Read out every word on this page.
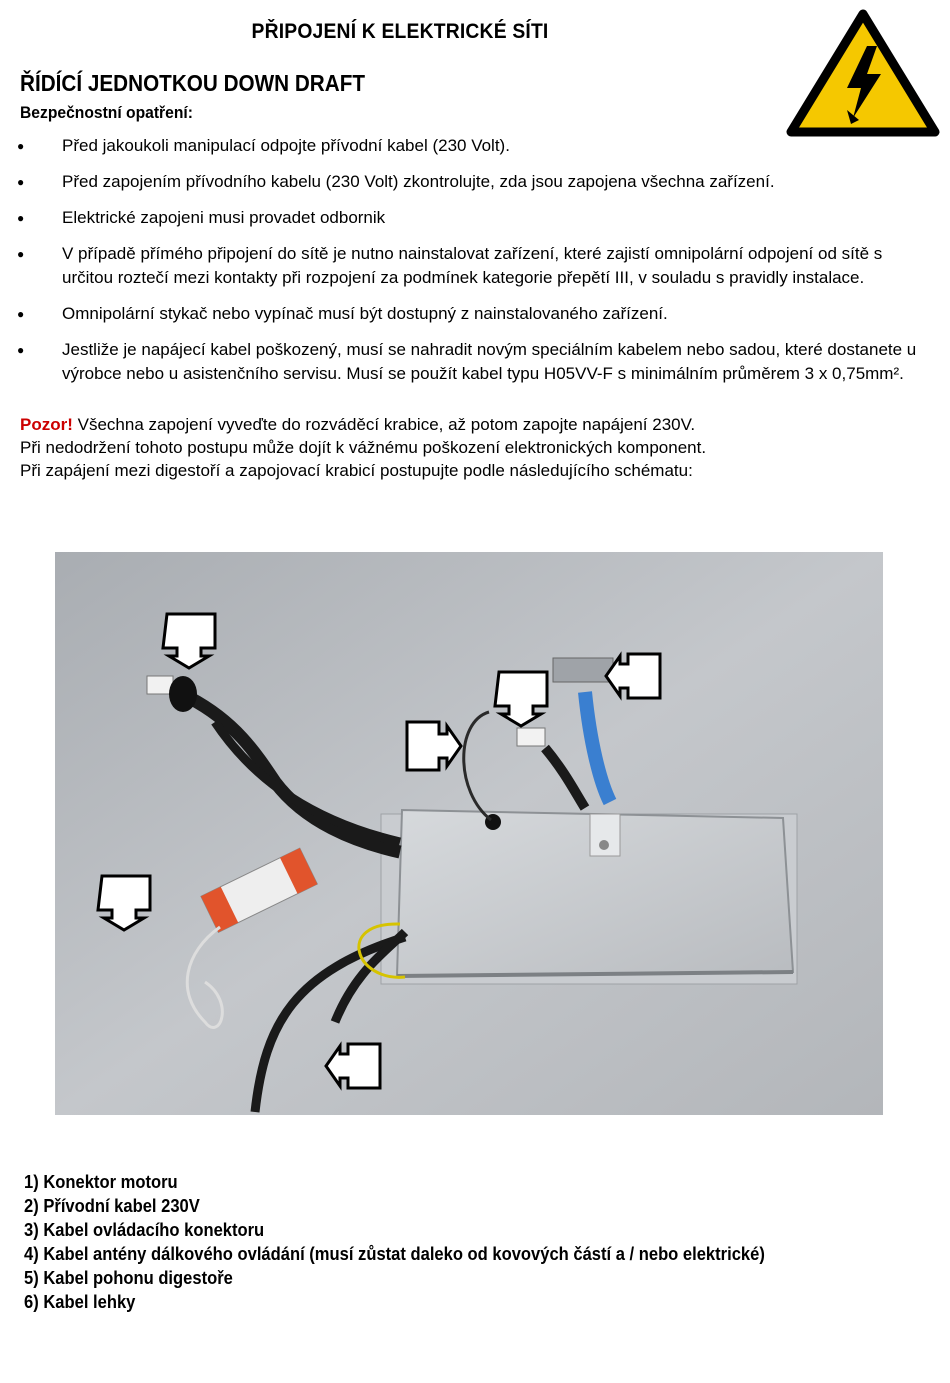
PŘIPOJENÍ K ELEKTRICKÉ SÍTI
ŘÍDÍCÍ JEDNOTKOU DOWN DRAFT
Bezpečnostní opatření:
● Před jakoukoli manipulací odpojte přívodní kabel (230 Volt).
● Před zapojením přívodního kabelu (230 Volt) zkontrolujte, zda jsou zapojena všechna zařízení.
● Elektrické zapojeni musi provadet odbornik
● V případě přímého připojení do sítě je nutno nainstalovat zařízení, které zajistí omnipolární odpojení od sítě s určitou roztečí mezi kontakty při rozpojení za podmínek kategorie přepětí III, v souladu s pravidly instalace.
● Omnipolární stykač nebo vypínač musí být dostupný z nainstalovaného zařízení.
● Jestliže je napájecí kabel poškozený, musí se nahradit novým speciálním kabelem nebo sadou, které dostanete u výrobce nebo u asistenčního servisu. Musí se použít kabel typu H05VV-F s minimálním průměrem 3 x 0,75mm².

Pozor! Všechna zapojení vyveďte do rozváděcí krabice, až potom zapojte napájení 230V.

Při nedodržení tohoto postupu může dojít k vážnému poškození elektronických komponent.

Při zapájení mezi digestoří a zapojovací krabicí postupujte podle následujícího schématu:

1) Konektor motoru
2) Přívodní kabel 230V
3) Kabel ovládacího konektoru
4) Kabel antény dálkového ovládání (musí zůstat daleko od kovových částí a / nebo elektrické)
5) Kabel pohonu digestoře
6) Kabel lehky
